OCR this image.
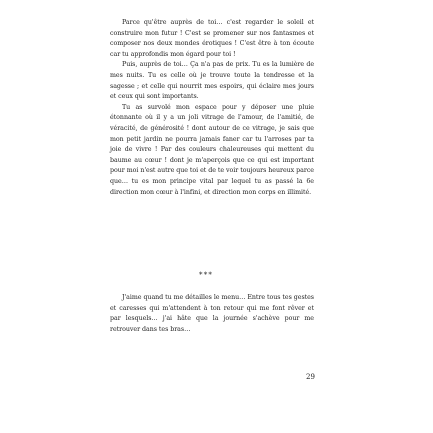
Parce qu'être auprès de toi… c'est regarder le soleil et construire mon futur ! C'est se promener sur nos fantasmes et composer nos deux mondes érotiques ! C'est être à ton écoute car tu approfondis mon égard pour toi !

Puis, auprès de toi… Ça n'a pas de prix. Tu es la lumière de mes nuits. Tu es celle où je trouve toute la tendresse et la sagesse ; et celle qui nourrit mes espoirs, qui éclaire mes jours et ceux qui sont importants.

Tu as survolé mon espace pour y déposer une pluie étonnante où il y a un joli vitrage de l'amour, de l'amitié, de véracité, de générosité ! dont autour de ce vitrage, je sais que mon petit jardin ne pourra jamais faner car tu l'arroses par ta joie de vivre ! Par des couleurs chaleureuses qui mettent du baume au cœur ! dont je m'aperçois que ce qui est important pour moi n'est autre que toi et de te voir toujours heureux parce que… tu es mon principe vital par lequel tu as passé la 6e direction mon cœur à l'infini, et direction mon corps en illimité.

***

J'aime quand tu me détailles le menu… Entre tous tes gestes et caresses qui m'attendent à ton retour qui me font rêver et par lesquels… j'ai hâte que la journée s'achève pour me retrouver dans tes bras…

29
